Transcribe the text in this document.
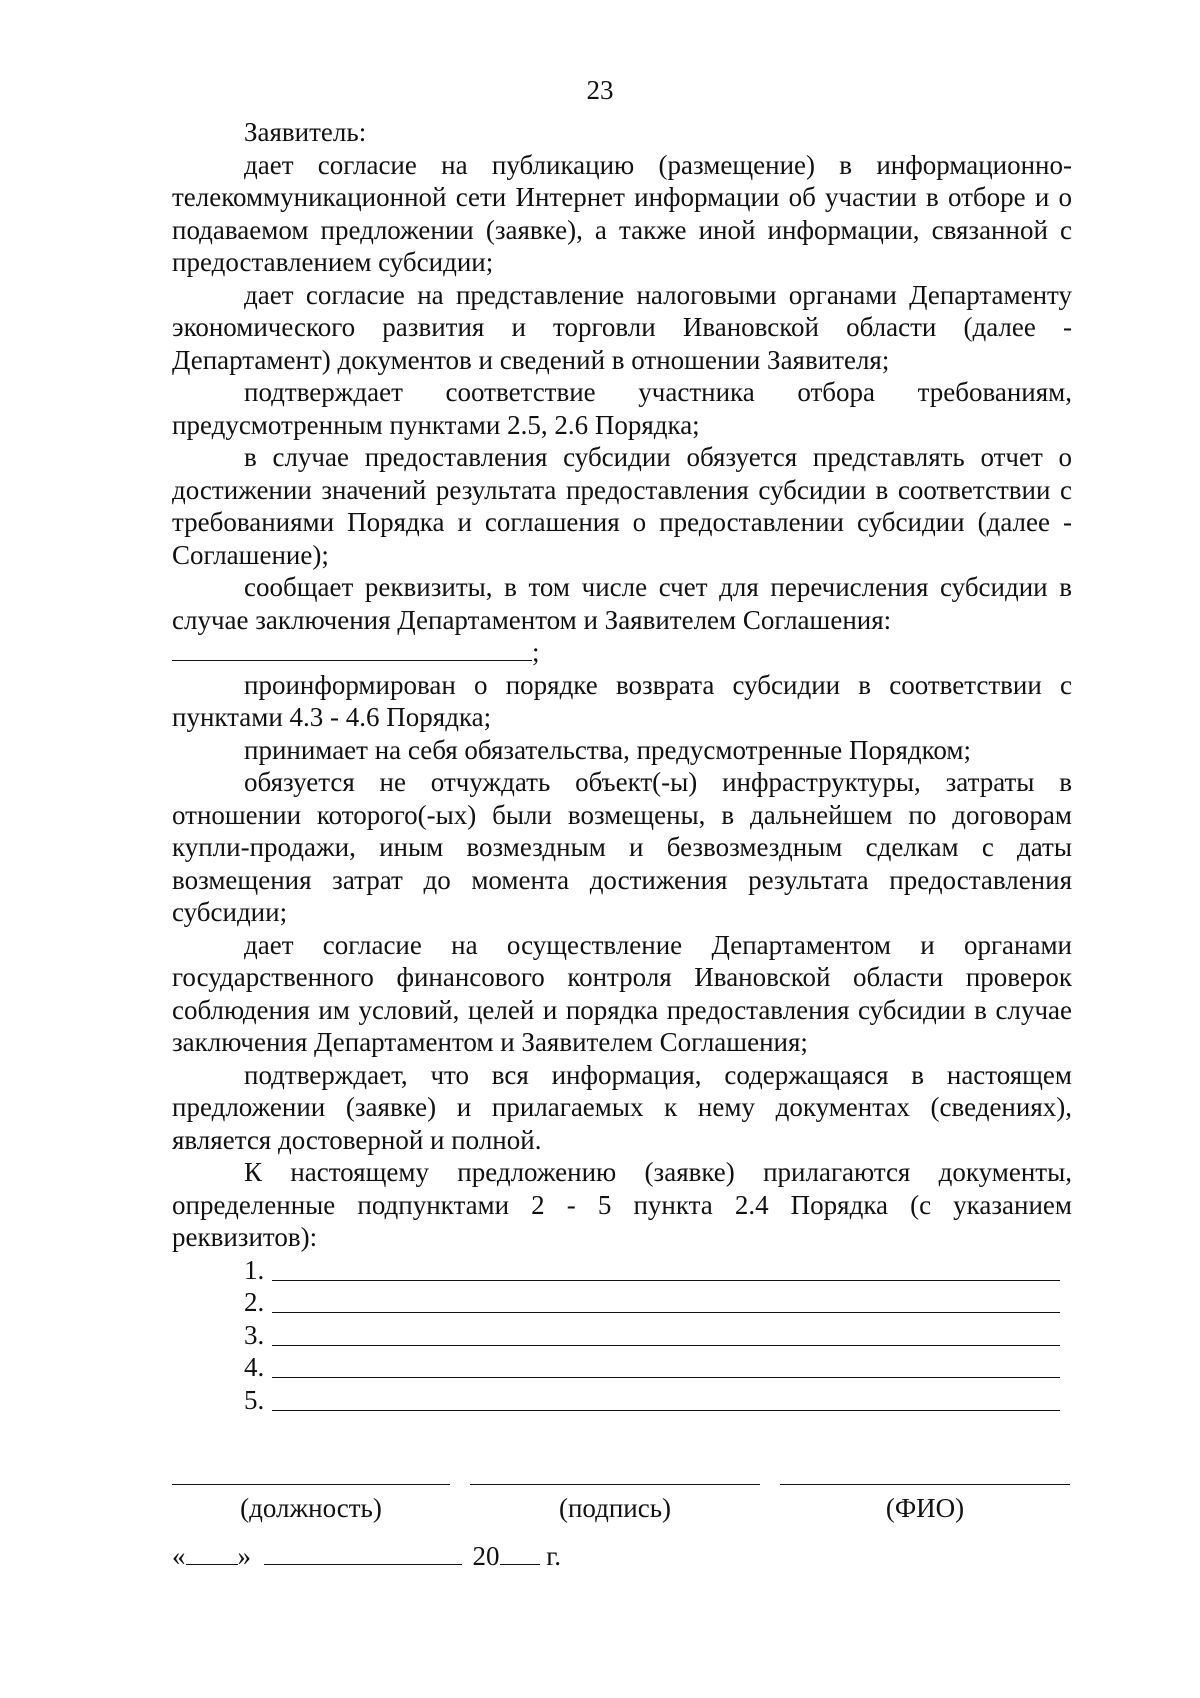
23

Заявитель:

дает согласие на публикацию (размещение) в информационно-телекоммуникационной сети Интернет информации об участии в отборе и о подаваемом предложении (заявке), а также иной информации, связанной с предоставлением субсидии;

дает согласие на представление налоговыми органами Департаменту экономического развития и торговли Ивановской области (далее - Департамент) документов и сведений в отношении Заявителя;

подтверждает соответствие участника отбора требованиям, предусмотренным пунктами 2.5, 2.6 Порядка;

в случае предоставления субсидии обязуется представлять отчет о достижении значений результата предоставления субсидии в соответствии с требованиями Порядка и соглашения о предоставлении субсидии (далее - Соглашение);

сообщает реквизиты, в том числе счет для перечисления субсидии в случае заключения Департаментом и Заявителем Соглашения:

;

проинформирован о порядке возврата субсидии в соответствии с пунктами 4.3 - 4.6 Порядка;

принимает на себя обязательства, предусмотренные Порядком;

обязуется не отчуждать объект(-ы) инфраструктуры, затраты в отношении которого(-ых) были возмещены, в дальнейшем по договорам купли-продажи, иным возмездным и безвозмездным сделкам с даты возмещения затрат до момента достижения результата предоставления субсидии;

дает согласие на осуществление Департаментом и органами государственного финансового контроля Ивановской области проверок соблюдения им условий, целей и порядка предоставления субсидии в случае заключения Департаментом и Заявителем Соглашения;

подтверждает, что вся информация, содержащаяся в настоящем предложении (заявке) и прилагаемых к нему документах (сведениях), является достоверной и полной.

К настоящему предложению (заявке) прилагаются документы, определенные подпунктами 2 - 5 пункта 2.4 Порядка (с указанием реквизитов):

1.
2.
3.
4.
5.
(должность)	(подпись)	(ФИО)
« »	20 г.
